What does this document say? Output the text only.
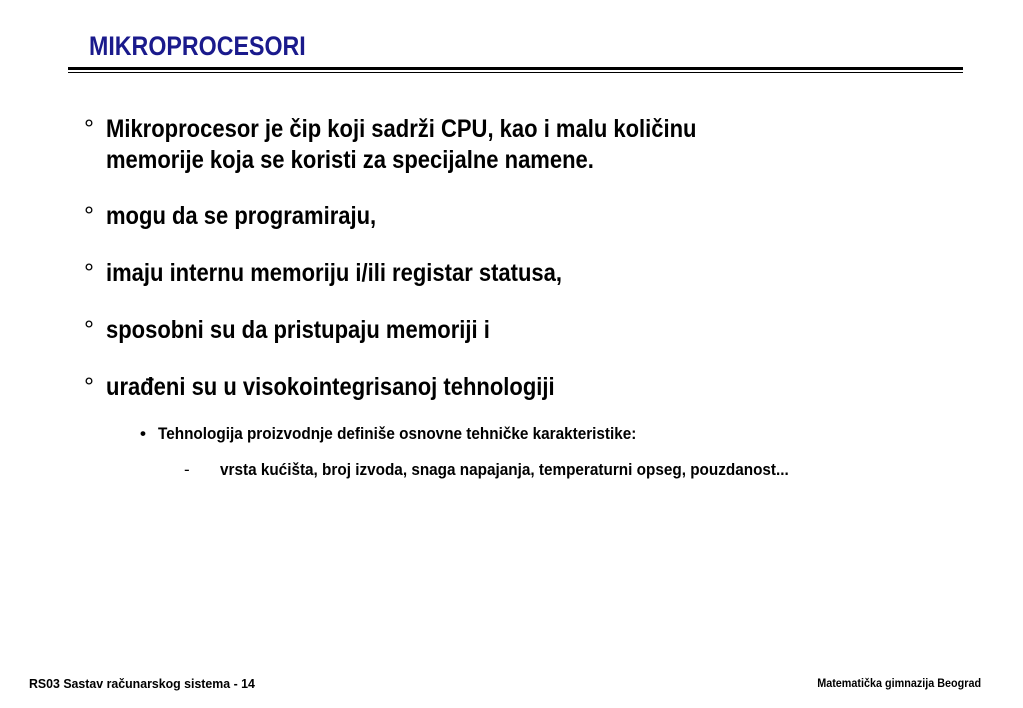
MIKROPROCESORI
° Mikroprocesor je čip koji sadrži CPU, kao i malu količinu
memorije koja se koristi za specijalne namene.
° mogu da se programiraju,
° imaju internu memoriju i/ili registar statusa,
° sposobni su da pristupaju memoriji i
° urađeni su u visokointegrisanoj tehnologiji
• Tehnologija proizvodnje definiše osnovne tehničke karakteristike:
-	vrsta kućišta, broj izvoda, snaga napajanja, temperaturni opseg, pouzdanost...
RS03 Sastav računarskog sistema - 14	Matematička gimnazija Beograd
